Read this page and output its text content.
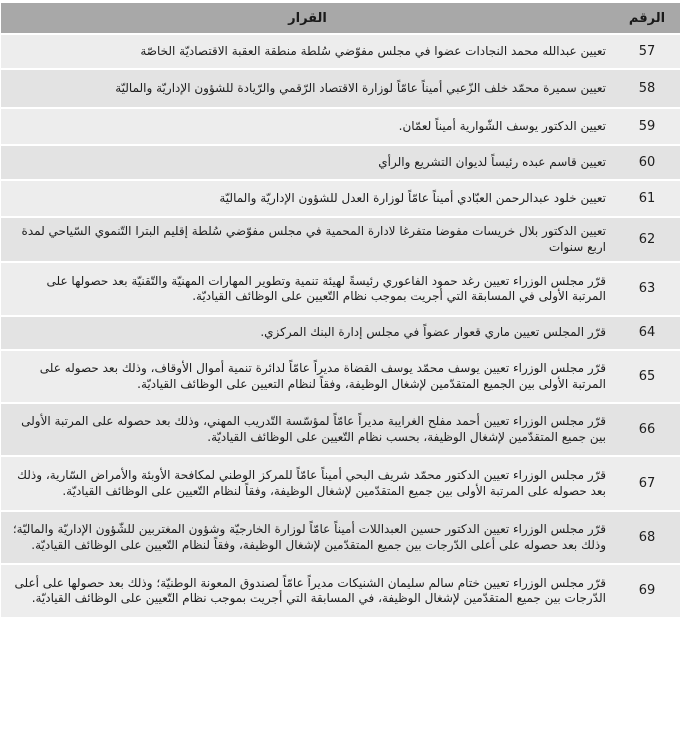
الرقم	القرار
57	تعيين عبدالله محمد النجادات عضوا في مجلس مفوّضي سُلطة منطقة العقبة الاقتصاديّة الخاصّة
58	تعيين سميرة محمّد خلف الزّعبي أميناً عامّاً لوزارة الاقتصاد الرّقمي والرّيادة للشؤون الإداريّة والماليّة
59	تعيين الدكتور يوسف الشّوارية أميناً لعمّان.
60	تعيين قاسم عبده رئيساً لديوان التشريع والرأي
61	تعيين خلود عبدالرحمن العبّادي أميناً عامّاً لوزارة العدل للشؤون الإداريّة والماليّة
62	تعيين الدكتور بلال خريسات مفوضا متفرغا لادارة المحمية في مجلس مفوّضي سُلطة إقليم البترا التّنموي السّياحي لمدة اربع سنوات
63	قرّر مجلس الوزراء تعيين رغد حمود الفاعوري رئيسةً لهيئة تنمية وتطوير المهارات المهنيّة والتّقنيّة بعد حصولها على المرتبة الأولى في المسابقة التي أجريت بموجب نظام التّعيين على الوظائف القياديّة.
64	قرّر المجلس تعيين ماري قعوار عضواً في مجلس إدارة البنك المركزي.
65	قرّر مجلس الوزراء تعيين يوسف محمّد يوسف القضاة مديراً عامّاً لدائرة تنمية أموال الأوقاف، وذلك بعد حصوله على المرتبة الأولى بين الجميع المتقدّمين لإشغال الوظيفة، وفقاً لنظام التعيين على الوظائف القياديّة.
66	قرّر مجلس الوزراء تعيين أحمد مفلح الغرايبة مديراً عامّاً لمؤسّسة التّدريب المهني، وذلك بعد حصوله على المرتبة الأولى بين جميع المتقدّمين لإشغال الوظيفة، بحسب نظام التّعيين على الوظائف القياديّة.
67	قرّر مجلس الوزراء تعيين الدكتور محمّد شريف البحي أميناً عامّاً للمركز الوطني لمكافحة الأوبئة والأمراض السّارية، وذلك بعد حصوله على المرتبة الأولى بين جميع المتقدّمين لإشغال الوظيفة، وفقاً لنظام التّعيين على الوظائف القياديّة.
68	قرّر مجلس الوزراء تعيين الدكتور حسين العبداللات أميناً عامّاً لوزارة الخارجيّة وشؤون المغتربين للشّؤون الإداريّة والماليّة؛ وذلك بعد حصوله على أعلى الدّرجات بين جميع المتقدّمين لإشغال الوظيفة، وفقاً لنظام التّعيين على الوظائف القياديّة.
69	قرّر مجلس الوزراء تعيين ختام سالم سليمان الشنيكات مديراً عامّاً لصندوق المعونة الوطنيّة؛ وذلك بعد حصولها على أعلى الدّرجات بين جميع المتقدّمين لإشغال الوظيفة، في المسابقة التي أجريت بموجب نظام التّعيين على الوظائف القياديّة.
